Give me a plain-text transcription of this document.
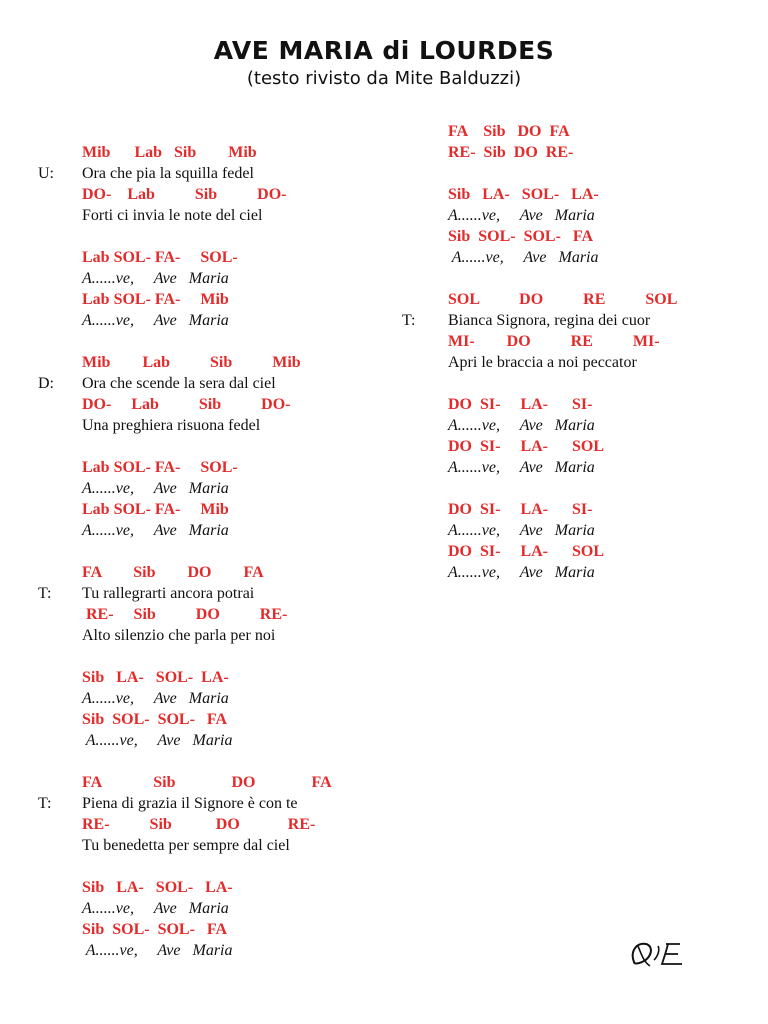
AVE MARIA di LOURDES
(testo rivisto da Mite Balduzzi)
Mib      Lab   Sib        Mib
U: Ora che pia la squilla fedel
DO-    Lab          Sib          DO-
Forti ci invia le note del ciel
Lab SOL- FA-     SOL-
A......ve,     Ave   Maria
Lab SOL- FA-     Mib
A......ve,     Ave   Maria
Mib        Lab          Sib          Mib
D: Ora che scende la sera dal ciel
DO-     Lab          Sib          DO-
Una preghiera risuona fedel
Lab SOL- FA-     SOL-
A......ve,     Ave   Maria
Lab SOL- FA-     Mib
A......ve,     Ave   Maria
FA        Sib        DO        FA
T: Tu rallegrarti ancora potrai
RE-     Sib          DO          RE-
Alto silenzio che parla per noi
Sib   LA-   SOL-  LA-
A......ve,     Ave   Maria
Sib  SOL-  SOL-   FA
A......ve,     Ave   Maria
FA             Sib              DO              FA
T: Piena di grazia il Signore è con te
RE-          Sib           DO            RE-
Tu benedetta per sempre dal ciel
Sib   LA-   SOL-   LA-
A......ve,     Ave   Maria
Sib  SOL-  SOL-   FA
A......ve,     Ave   Maria
FA    Sib   DO  FA
RE-  Sib  DO  RE-
Sib   LA-   SOL-   LA-
A......ve,     Ave   Maria
Sib  SOL-  SOL-   FA
A......ve,     Ave   Maria
SOL          DO          RE          SOL
T: Bianca Signora, regina dei cuor
MI-        DO          RE          MI-
Apri le braccia a noi peccator
DO  SI-     LA-      SI-
A......ve,     Ave   Maria
DO  SI-     LA-      SOL
A......ve,     Ave   Maria
DO  SI-     LA-      SI-
A......ve,     Ave   Maria
DO  SI-     LA-      SOL
A......ve,     Ave   Maria
